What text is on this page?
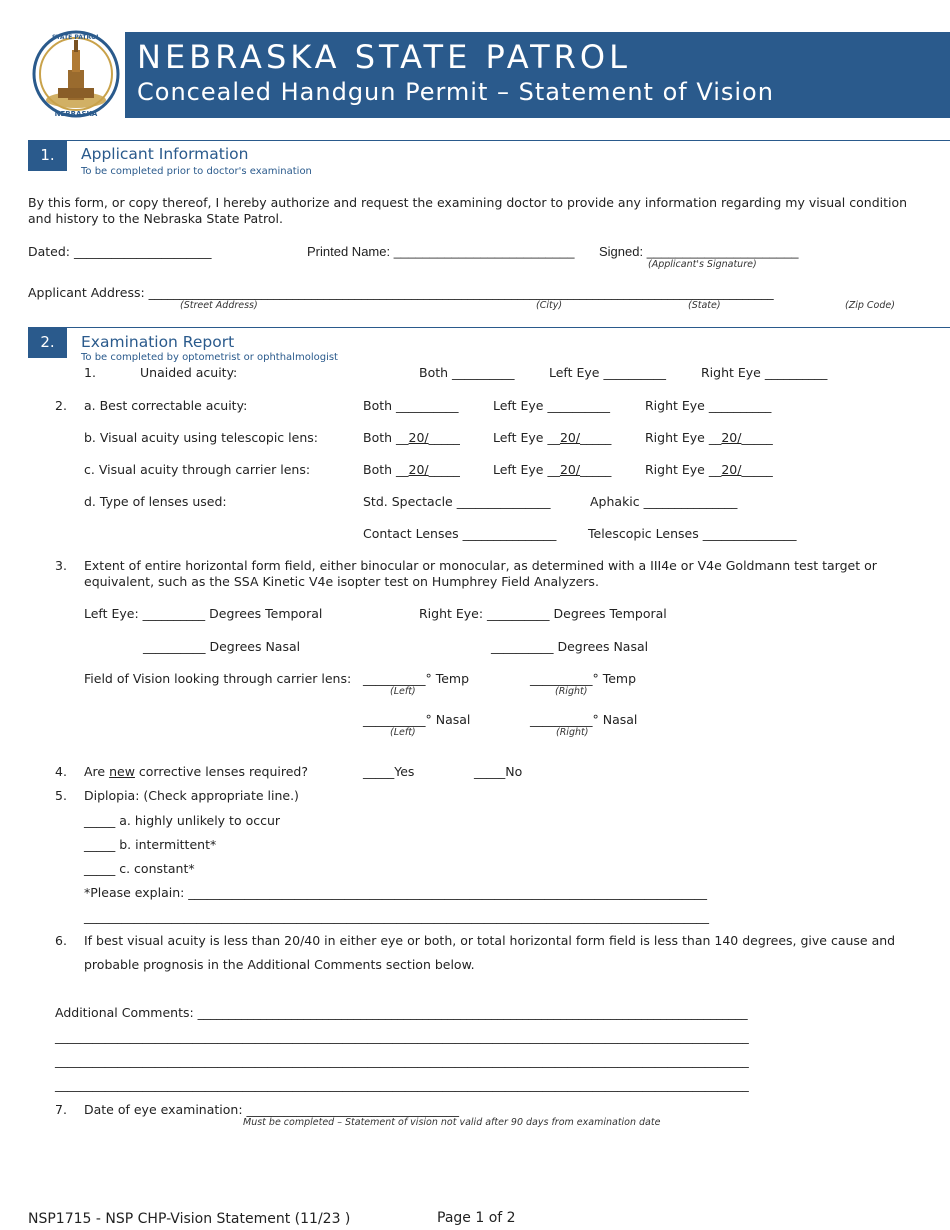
NEBRASKA
STATE PATROL
NEBRASKA STATE PATROL
Concealed Handgun Permit – Statement of Vision
1.	Applicant Information
To be completed prior to doctor's examination
By this form, or copy thereof, I hereby authorize and request the examining doctor to provide any information regarding my visual condition and history to the Nebraska State Patrol.
Dated: ______________________	Printed Name: _________________________ Signed: _____________________
(Applicant's Signature)
Applicant Address: ____________________________________________________________________________________________________
(Street Address)	(City)	(State)	(Zip Code)
2.	Examination Report
To be completed by optometrist or ophthalmologist
1.	Unaided acuity:	Both __________	Left Eye __________	Right Eye __________
2. a. Best correctable acuity:	Both __________	Left Eye __________	Right Eye __________
b. Visual acuity using telescopic lens:	Both __20/_____	Left Eye __20/_____	Right Eye __20/_____
c. Visual acuity through carrier lens:	Both __20/_____	Left Eye __20/_____	Right Eye __20/_____
d. Type of lenses used:	Std. Spectacle _______________	Aphakic _______________
Contact Lenses _______________	Telescopic Lenses _______________
3. Extent of entire horizontal form field, either binocular or monocular, as determined with a III4e or V4e Goldmann test target or equivalent, such as the SSA Kinetic V4e isopter test on Humphrey Field Analyzers.
Left Eye: __________ Degrees Temporal	Right Eye: __________ Degrees Temporal
__________ Degrees Nasal	__________ Degrees Nasal
Field of Vision looking through carrier lens: __________° Temp	__________° Temp
(Left)	(Right)
__________° Nasal	__________° Nasal
(Left)	(Right)
4. Are new corrective lenses required?	_____Yes	_____No
5. Diplopia: (Check appropriate line.)
_____ a. highly unlikely to occur
_____ b. intermittent*
_____ c. constant*
*Please explain: ___________________________________________________________________________________
____________________________________________________________________________________________________
6. If best visual acuity is less than 20/40 in either eye or both, or total horizontal form field is less than 140 degrees, give cause and
probable prognosis in the Additional Comments section below.
Additional Comments: ________________________________________________________________________________________
_______________________________________________________________________________________________________________
_______________________________________________________________________________________________________________
_______________________________________________________________________________________________________________
7. Date of eye examination: __________________________________
Must be completed – Statement of vision not valid after 90 days from examination date
NSP1715 - NSP CHP-Vision Statement (11/23 )	Page 1 of 2
